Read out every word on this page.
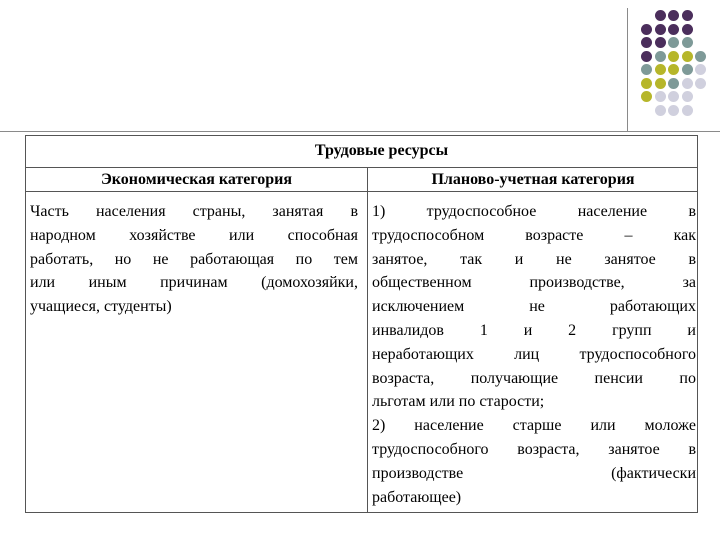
Трудовые ресурсы
Экономическая категория	Планово-учетная категория
Часть населения страны, занятая в
народном хозяйстве или способная
работать, но не работающая по тем
или иным причинам (домохозяйки,
учащиеся, студенты)
1) трудоспособное население в
трудоспособном возрасте – как
занятое, так и не занятое в
общественном производстве, за
исключением не работающих
инвалидов 1 и 2 групп и
неработающих лиц трудоспособного
возраста, получающие пенсии по
льготам или по старости;
2) население старше или моложе
трудоспособного возраста, занятое в
производстве (фактически
работающее)
